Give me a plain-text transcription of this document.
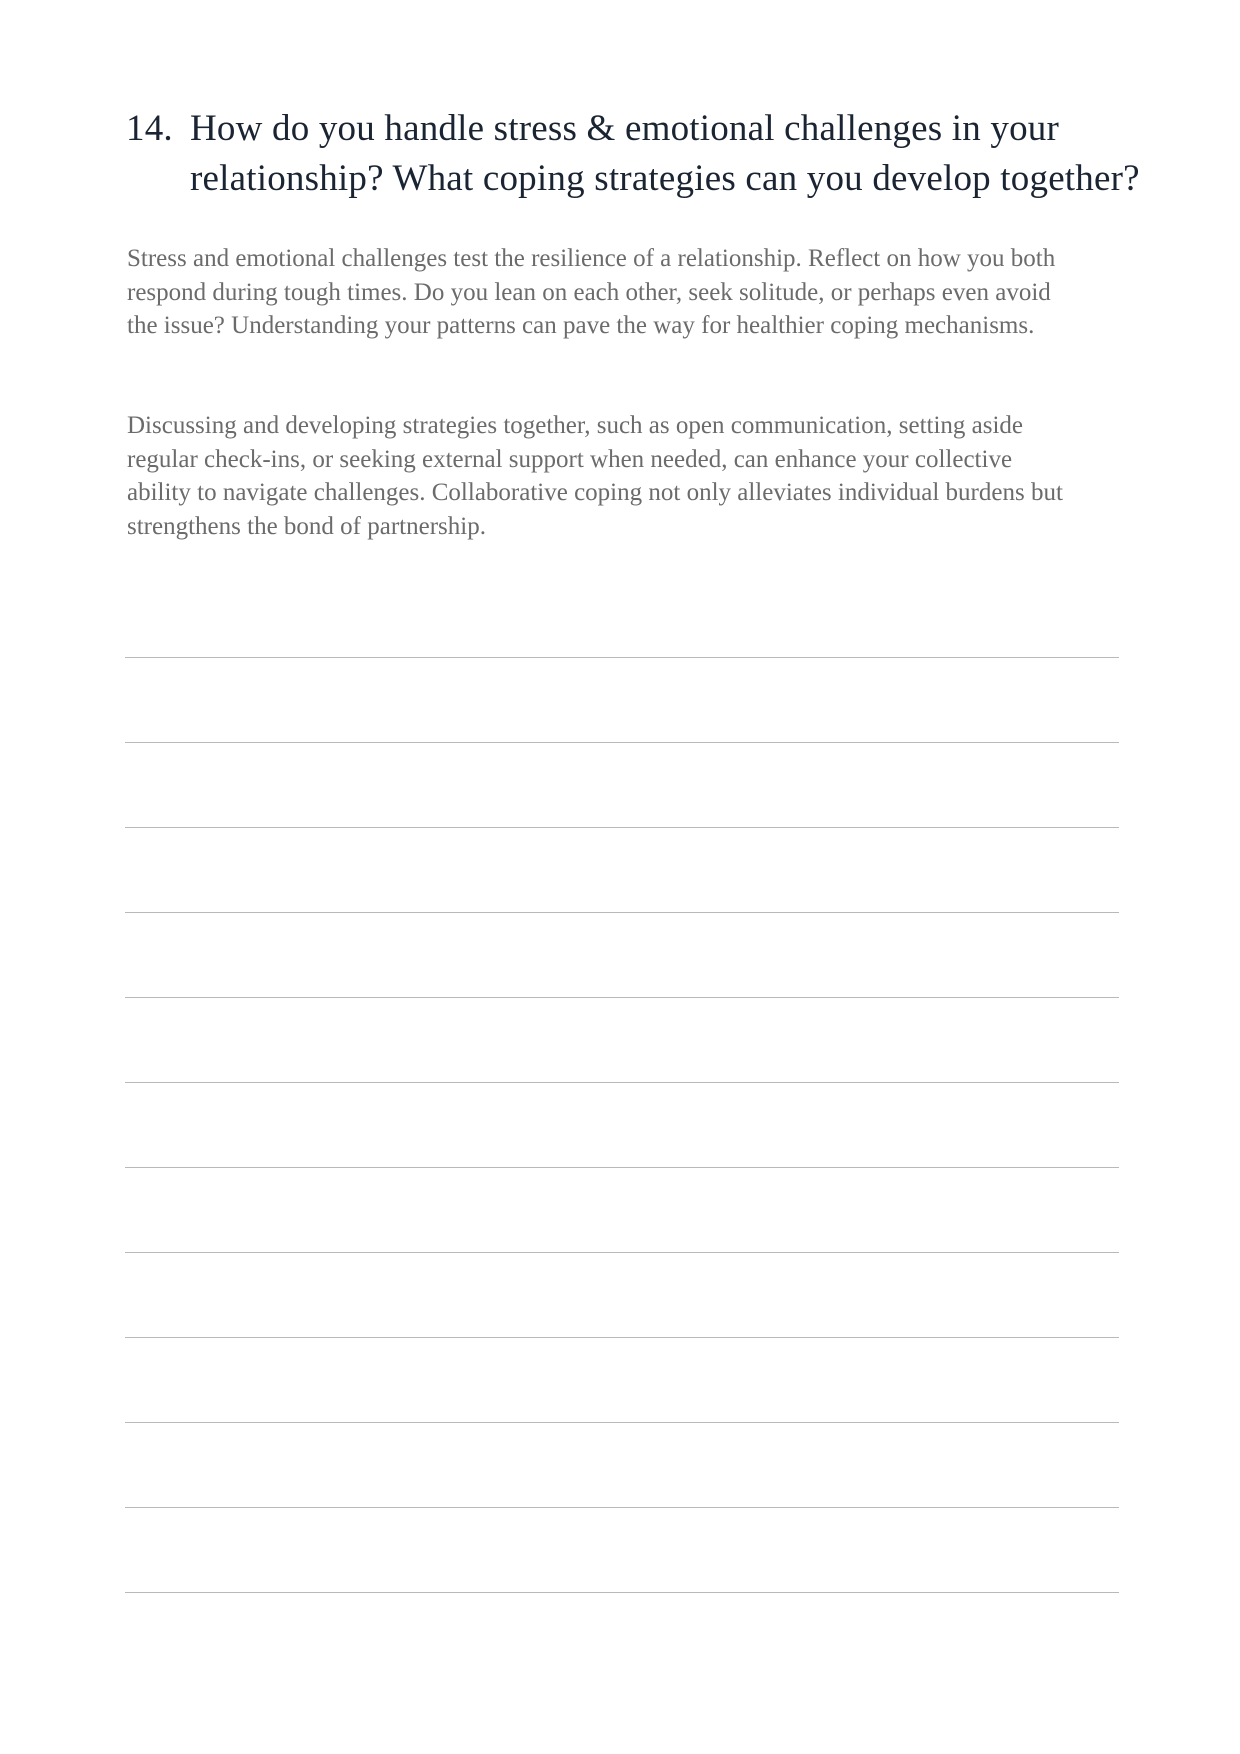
14. How do you handle stress & emotional challenges in your relationship? What coping strategies can you develop together?

Stress and emotional challenges test the resilience of a relationship. Reflect on how you both respond during tough times. Do you lean on each other, seek solitude, or perhaps even avoid the issue? Understanding your patterns can pave the way for healthier coping mechanisms.

Discussing and developing strategies together, such as open communication, setting aside regular check-ins, or seeking external support when needed, can enhance your collective ability to navigate challenges. Collaborative coping not only alleviates individual burdens but strengthens the bond of partnership.
